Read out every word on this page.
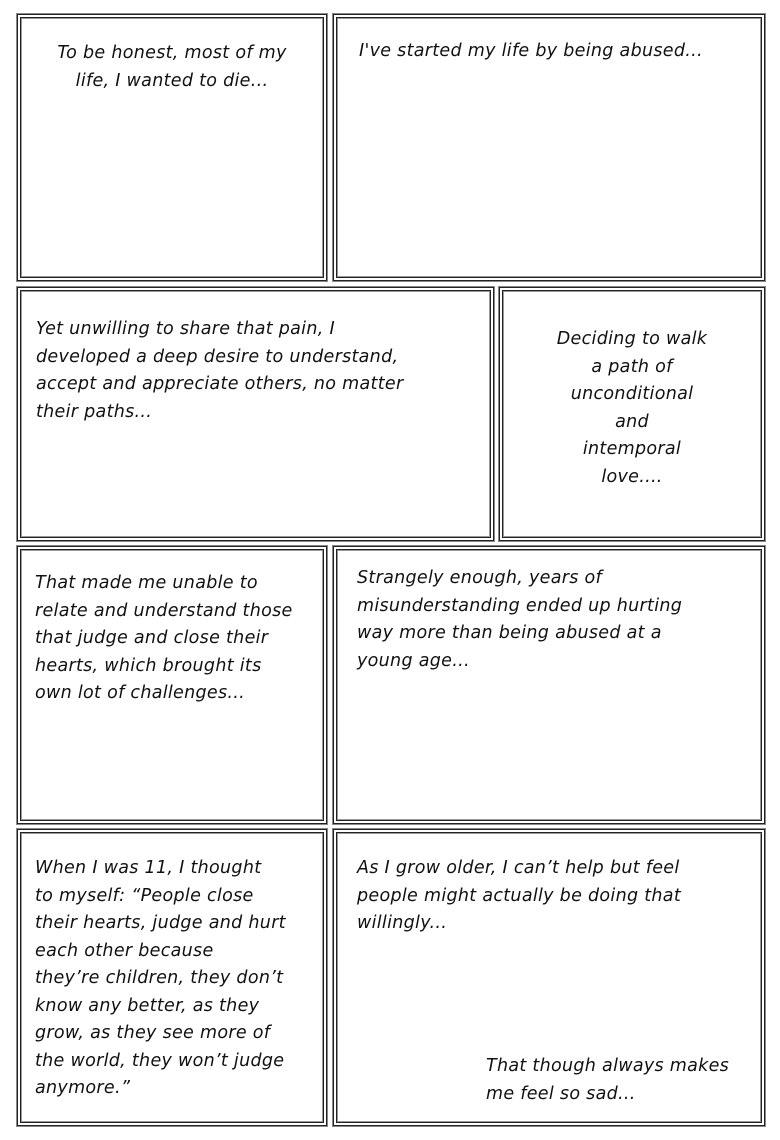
To be honest, most of my
life, I wanted to die...
I've started my life by being abused...
Yet unwilling to share that pain, I
developed a deep desire to understand,
accept and appreciate others, no matter
their paths...
Deciding to walk
a path of
unconditional
and
intemporal
love....
That made me unable to
relate and understand those
that judge and close their
hearts, which brought its
own lot of challenges...
Strangely enough, years of
misunderstanding ended up hurting
way more than being abused at a
young age...
When I was 11, I thought
to myself: “People close
their hearts, judge and hurt
each other because
they’re children, they don’t
know any better, as they
grow, as they see more of
the world, they won’t judge
anymore.”
As I grow older, I can’t help but feel
people might actually be doing that
willingly...
That though always makes
me feel so sad...
